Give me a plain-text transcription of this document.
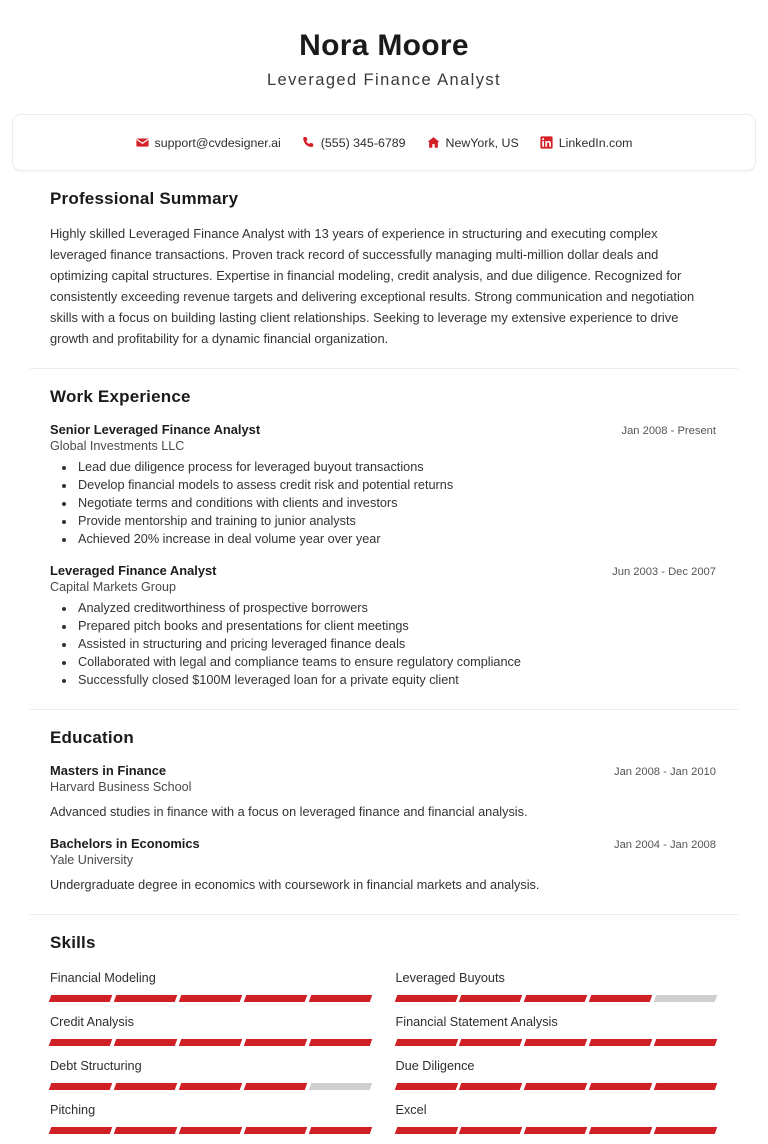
Nora Moore
Leveraged Finance Analyst
support@cvdesigner.ai	(555) 345-6789	NewYork, US	LinkedIn.com
Professional Summary

Highly skilled Leveraged Finance Analyst with 13 years of experience in structuring and executing complex leveraged finance transactions. Proven track record of successfully managing multi-million dollar deals and optimizing capital structures. Expertise in financial modeling, credit analysis, and due diligence. Recognized for consistently exceeding revenue targets and delivering exceptional results. Strong communication and negotiation skills with a focus on building lasting client relationships. Seeking to leverage my extensive experience to drive growth and profitability for a dynamic financial organization.

Work Experience
Senior Leveraged Finance Analyst	Jan 2008 - Present
Global Investments LLC
• Lead due diligence process for leveraged buyout transactions
• Develop financial models to assess credit risk and potential returns
• Negotiate terms and conditions with clients and investors
• Provide mentorship and training to junior analysts
• Achieved 20% increase in deal volume year over year
Leveraged Finance Analyst	Jun 2003 - Dec 2007
Capital Markets Group
• Analyzed creditworthiness of prospective borrowers
• Prepared pitch books and presentations for client meetings
• Assisted in structuring and pricing leveraged finance deals
• Collaborated with legal and compliance teams to ensure regulatory compliance
• Successfully closed $100M leveraged loan for a private equity client
Education
Masters in Finance	Jan 2008 - Jan 2010
Harvard Business School
Advanced studies in finance with a focus on leveraged finance and financial analysis.
Bachelors in Economics	Jan 2004 - Jan 2008
Yale University
Undergraduate degree in economics with coursework in financial markets and analysis.
Skills
Financial Modeling	Leveraged Buyouts
Credit Analysis	Financial Statement Analysis
Debt Structuring	Due Diligence
Pitching	Excel
